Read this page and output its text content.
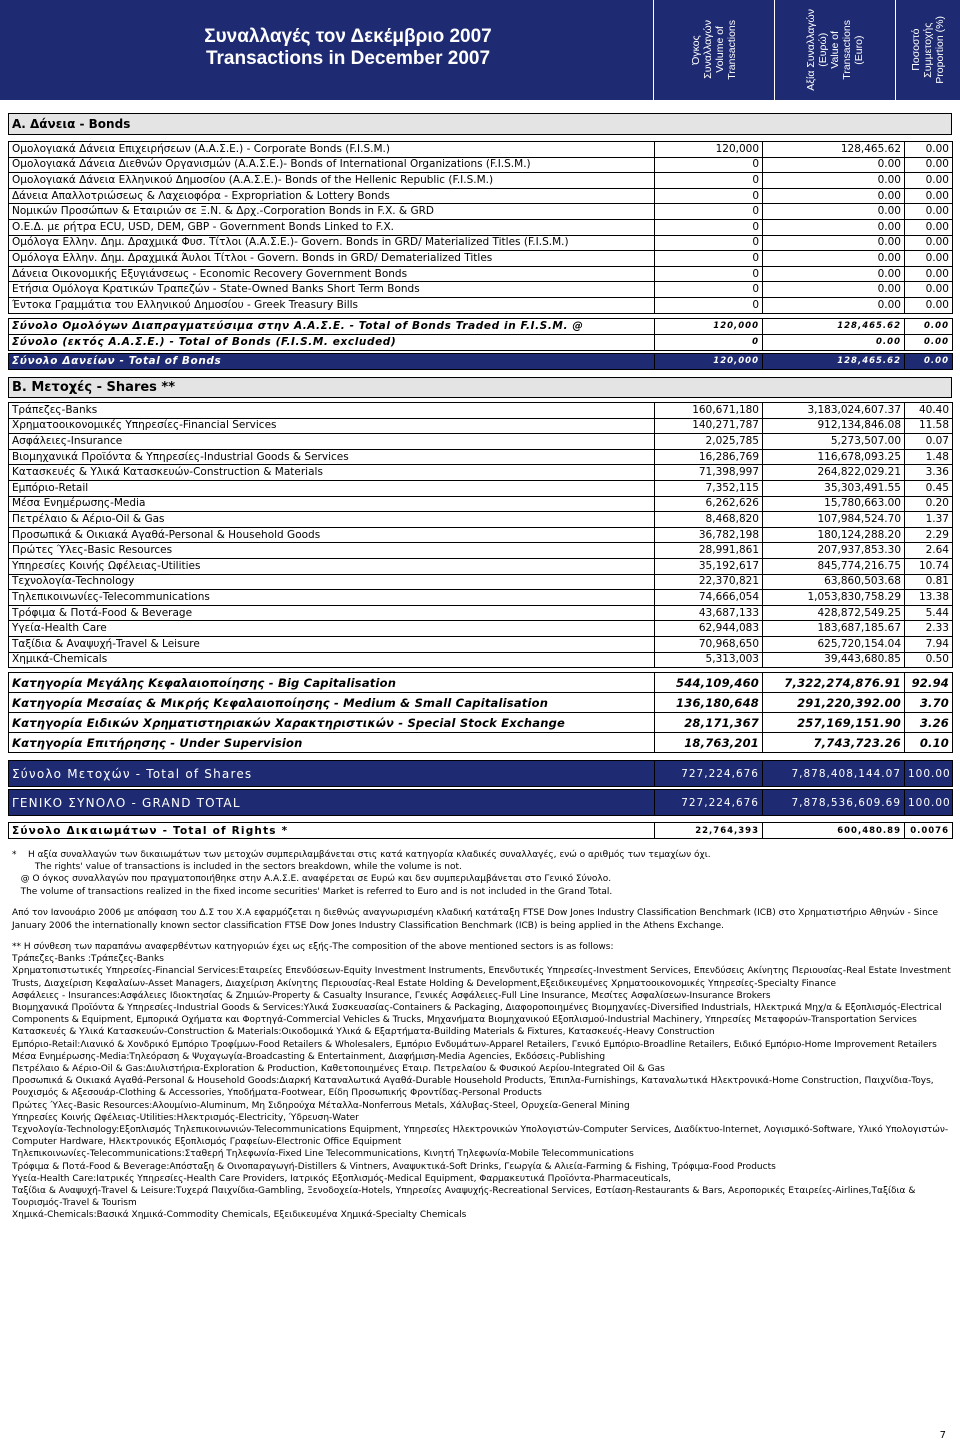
Συναλλαγές τον Δεκέμβριο 2007
Transactions in December 2007	Όγκος Συναλλαγών Volume of Transactions	Αξία Συναλλαγών (Ευρώ) Value of Transactions (Euro)	Ποσοστό Συμμετοχής Proportion (%)
Α. Δάνεια - Bonds
Ομολογιακά Δάνεια Επιχειρήσεων (Α.Α.Σ.Ε.) - Corporate Bonds (F.I.S.M.)	120,000	128,465.62	0.00
Ομολογιακά Δάνεια Διεθνών Οργανισμών (Α.Α.Σ.Ε.)- Bonds of International Organizations (F.I.S.M.)	0	0.00	0.00
Ομολογιακά Δάνεια Ελληνικού Δημοσίου (Α.Α.Σ.Ε.)- Bonds of the Hellenic Republic (F.I.S.M.)	0	0.00	0.00
Δάνεια Απαλλοτριώσεως & Λαχειοφόρα - Expropriation & Lottery Bonds	0	0.00	0.00
Νομικών Προσώπων & Εταιριών σε Ξ.Ν. & Δρχ.-Corporation Bonds in F.X. & GRD	0	0.00	0.00
Ο.Ε.Δ. με ρήτρα ECU, USD, DEM, GBP - Government Bonds Linked to F.X.	0	0.00	0.00
Ομόλογα Ελλην. Δημ. Δραχμικά Φυσ. Τίτλοι (Α.Α.Σ.Ε.)- Govern. Bonds in GRD/ Materialized Titles (F.I.S.M.)	0	0.00	0.00
Ομόλογα Ελλην. Δημ. Δραχμικά Άυλοι Τίτλοι - Govern. Bonds in GRD/ Dematerialized Titles	0	0.00	0.00
Δάνεια Οικονομικής Εξυγιάνσεως - Economic Recovery Government Bonds	0	0.00	0.00
Ετήσια Ομόλογα Κρατικών Τραπεζών - State-Owned Banks Short Term Bonds	0	0.00	0.00
Έντοκα Γραμμάτια του Ελληνικού Δημοσίου - Greek Treasury Bills	0	0.00	0.00

Σύνολο Ομολόγων Διαπραγματεύσιμα στην Α.Α.Σ.Ε. - Total of Bonds Traded in F.I.S.M. @	120,000	128,465.62	0.00
Σύνολο (εκτός Α.Α.Σ.Ε.) - Total of Bonds (F.I.S.M. excluded)	0	0.00	0.00

Σύνολο Δανείων - Total of Bonds	120,000	128,465.62	0.00
Β. Μετοχές - Shares **
Τράπεζες-Banks	160,671,180	3,183,024,607.37	40.40
Χρηματοοικονομικές Υπηρεσίες-Financial Services	140,271,787	912,134,846.08	11.58
Ασφάλειες-Insurance	2,025,785	5,273,507.00	0.07
Βιομηχανικά Προϊόντα & Υπηρεσίες-Industrial Goods & Services	16,286,769	116,678,093.25	1.48
Κατασκευές & Υλικά Κατασκευών-Construction & Materials	71,398,997	264,822,029.21	3.36
Εμπόριο-Retail	7,352,115	35,303,491.55	0.45
Μέσα Ενημέρωσης-Media	6,262,626	15,780,663.00	0.20
Πετρέλαιο & Αέριο-Oil & Gas	8,468,820	107,984,524.70	1.37
Προσωπικά & Οικιακά Αγαθά-Personal & Household Goods	36,782,198	180,124,288.20	2.29
Πρώτες Ύλες-Basic Resources	28,991,861	207,937,853.30	2.64
Υπηρεσίες Κοινής Ωφέλειας-Utilities	35,192,617	845,774,216.75	10.74
Τεχνολογία-Technology	22,370,821	63,860,503.68	0.81
Τηλεπικοινωνίες-Telecommunications	74,666,054	1,053,830,758.29	13.38
Τρόφιμα & Ποτά-Food & Beverage	43,687,133	428,872,549.25	5.44
Υγεία-Health Care	62,944,083	183,687,185.67	2.33
Ταξίδια & Αναψυχή-Travel & Leisure	70,968,650	625,720,154.04	7.94
Χημικά-Chemicals	5,313,003	39,443,680.85	0.50
Κατηγορία Μεγάλης Κεφαλαιοποίησης - Big Capitalisation	544,109,460	7,322,274,876.91	92.94
Κατηγορία Μεσαίας & Μικρής Κεφαλαιοποίησης - Medium & Small Capitalisation	136,180,648	291,220,392.00	3.70
Κατηγορία Ειδικών Χρηματιστηριακών Χαρακτηριστικών - Special Stock Exchange	28,171,367	257,169,151.90	3.26
Κατηγορία Επιτήρησης - Under Supervision	18,763,201	7,743,723.26	0.10
Σύνολο Μετοχών - Total of Shares	727,224,676	7,878,408,144.07	100.00

ΓΕΝΙΚΟ ΣΥΝΟΛΟ - GRAND TOTAL	727,224,676	7,878,536,609.69	100.00
Σύνολο Δικαιωμάτων - Total of Rights *	22,764,393	600,480.89	0.0076

*    Η αξία συναλλαγών των δικαιωμάτων των μετοχών συμπεριλαμβάνεται στις κατά κατηγορία κλαδικές συναλλαγές, ενώ ο αριθμός των τεμαχίων όχι.

The rights' value of transactions is included in the sectors breakdown, while the volume is not.

@ Ο όγκος συναλλαγών που πραγματοποιήθηκε στην Α.Α.Σ.Ε. αναφέρεται σε Ευρώ και δεν συμπεριλαμβάνεται στο Γενικό Σύνολο.

The volume of transactions realized in the fixed income securities' Market is referred to Euro and is not included in the Grand Total.

Από τον Ιανουάριο 2006 με απόφαση του Δ.Σ του Χ.Α εφαρμόζεται η διεθνώς αναγνωρισμένη κλαδική κατάταξη FTSE Dow Jones Industry Classification Benchmark (ICB) στο Χρηματιστήριο Αθηνών - Since January 2006 the internationally known sector classification FTSE Dow Jones Industry Classification Benchmark (ICB) is being applied in the Athens Exchange.

** Η σύνθεση των παραπάνω αναφερθέντων κατηγοριών έχει ως εξής-The composition of the above mentioned sectors is as follows:

Τράπεζες-Banks :Τράπεζες-Banks

Χρηματοπιστωτικές Υπηρεσίες-Financial Services:Εταιρείες Επενδύσεων-Equity Investment Instruments, Επενδυτικές Υπηρεσίες-Investment Services, Επενδύσεις Ακίνητης Περιουσίας-Real Estate Investment Trusts, Διαχείριση Κεφαλαίων-Asset Managers, Διαχείριση Ακίνητης Περιουσίας-Real Estate Holding & Development,Εξειδικευμένες Χρηματοοικονομικές Υπηρεσίες-Specialty Finance

Ασφάλειες - Insurances:Ασφάλειες Ιδιοκτησίας & Ζημιών-Property & Casualty Insurance, Γενικές Ασφάλειες-Full Line Insurance, Μεσίτες Ασφαλίσεων-Insurance Brokers

Βιομηχανικά Προϊόντα & Υπηρεσίες-Industrial Goods & Services:Υλικά Συσκευασίας-Containers & Packaging, Διαφοροποιημένες Βιομηχανίες-Diversified Industrials, Ηλεκτρικά Μηχ/α & Εξοπλισμός-Electrical Components & Equipment, Εμπορικά Οχήματα και Φορτηγά-Commercial Vehicles & Trucks, Μηχανήματα Βιομηχανικού Εξοπλισμού-Industrial Machinery, Υπηρεσίες Μεταφορών-Transportation Services

Κατασκευές & Υλικά Κατασκευών-Construction & Materials:Οικοδομικά Υλικά & Εξαρτήματα-Building Materials & Fixtures, Κατασκευές-Heavy Construction

Εμπόριο-Retail:Λιανικό & Χονδρικό Εμπόριο Τροφίμων-Food Retailers & Wholesalers, Εμπόριο Ενδυμάτων-Apparel Retailers, Γενικό Εμπόριο-Broadline Retailers, Ειδικό Εμπόριο-Home Improvement Retailers

Μέσα Ενημέρωσης-Media:Τηλεόραση & Ψυχαγωγία-Broadcasting & Entertainment, Διαφήμιση-Media Agencies, Εκδόσεις-Publishing

Πετρέλαιο & Αέριο-Oil & Gas:Διυλιστήρια-Exploration & Production, Καθετοποιημένες Εταιρ. Πετρελαίου & Φυσικού Αερίου-Integrated Oil & Gas

Προσωπικά & Οικιακά Αγαθά-Personal & Household Goods:Διαρκή Καταναλωτικά Αγαθά-Durable Household Products, Έπιπλα-Furnishings, Καταναλωτικά Ηλεκτρονικά-Home Construction, Παιχνίδια-Toys, Ρουχισμός & Αξεσουάρ-Clothing & Accessories, Υποδήματα-Footwear, Είδη Προσωπικής Φροντίδας-Personal Products

Πρώτες Ύλες-Basic Resources:Αλουμίνιο-Aluminum, Μη Σιδηρούχα Μέταλλα-Nonferrous Metals, Χάλυβας-Steel, Ορυχεία-General Mining

Υπηρεσίες Κοινής Ωφέλειας-Utilities:Ηλεκτρισμός-Electricity, Ύδρευση-Water

Τεχνολογία-Technology:Εξοπλισμός Τηλεπικοινωνιών-Telecommunications Equipment, Υπηρεσίες Ηλεκτρονικών Υπολογιστών-Computer Services, Διαδίκτυο-Internet, Λογισμικό-Software, Υλικό Υπολογιστών-Computer Hardware, Ηλεκτρονικός Εξοπλισμός Γραφείων-Electronic Office Equipment

Τηλεπικοινωνίες-Telecommunications:Σταθερή Τηλεφωνία-Fixed Line Telecommunications, Κινητή Τηλεφωνία-Mobile Telecommunications

Τρόφιμα & Ποτά-Food & Beverage:Απόσταξη & Οινοπαραγωγή-Distillers & Vintners, Αναψυκτικά-Soft Drinks, Γεωργία & Αλιεία-Farming & Fishing, Τρόφιμα-Food Products

Υγεία-Health Care:Ιατρικές Υπηρεσίες-Health Care Providers, Ιατρικός Εξοπλισμός-Medical Equipment, Φαρμακευτικά Προϊόντα-Pharmaceuticals,

Ταξίδια & Αναψυχή-Travel & Leisure:Τυχερά Παιχνίδια-Gambling, Ξενοδοχεία-Hotels, Υπηρεσίες Αναψυχής-Recreational Services, Εστίαση-Restaurants & Bars, Αεροπορικές Εταιρείες-Airlines,Ταξίδια & Τουρισμός-Travel & Tourism

Χημικά-Chemicals:Βασικά Χημικά-Commodity Chemicals, Εξειδικευμένα Χημικά-Specialty Chemicals

7
